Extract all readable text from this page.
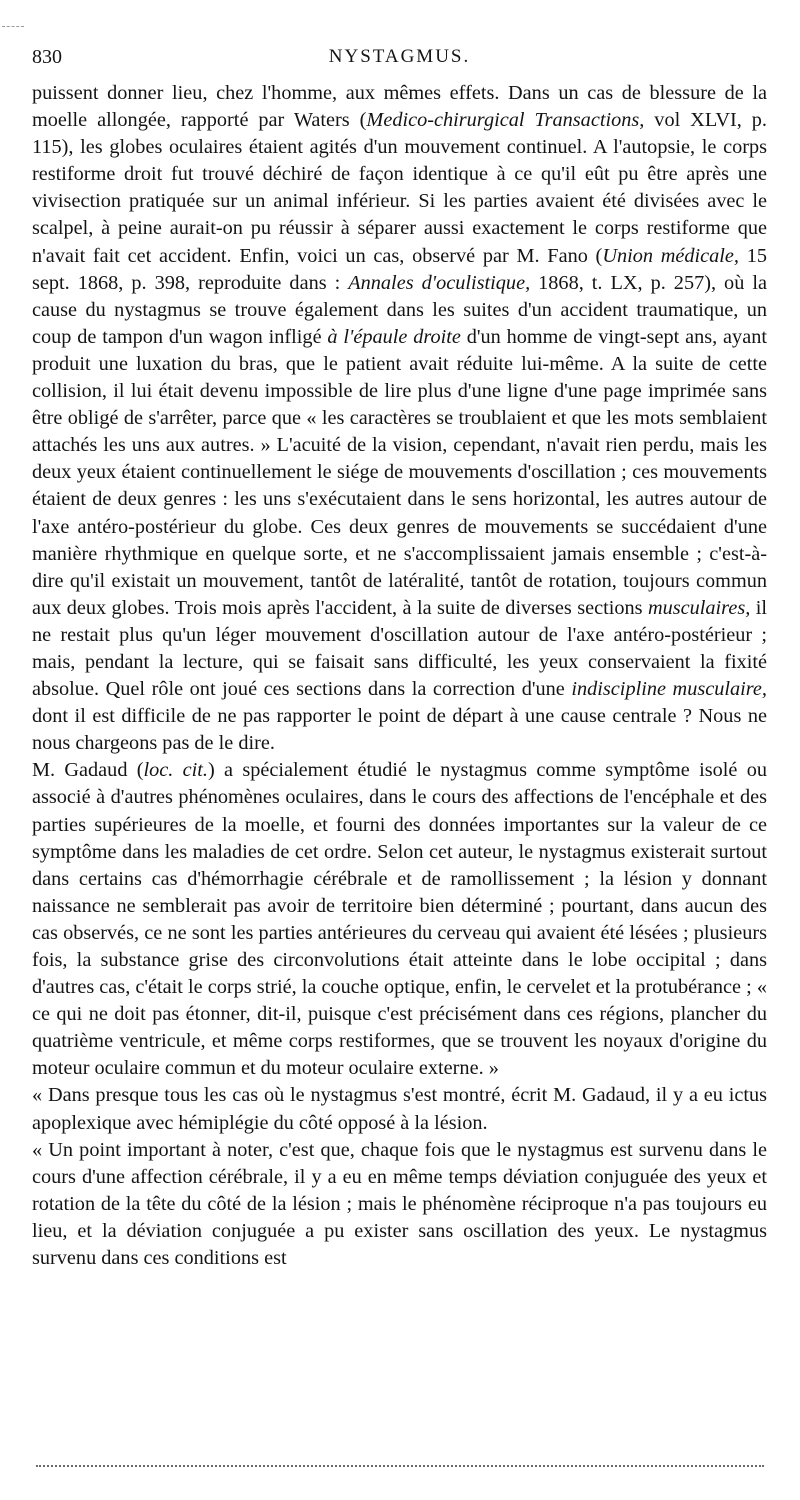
830	NYSTAGMUS.

puissent donner lieu, chez l'homme, aux mêmes effets. Dans un cas de blessure de la moelle allongée, rapporté par Waters (Medico-chirurgical Transactions, vol XLVI, p. 115), les globes oculaires étaient agités d'un mouvement continuel. A l'autopsie, le corps restiforme droit fut trouvé déchiré de façon identique à ce qu'il eût pu être après une vivisection pratiquée sur un animal inférieur. Si les parties avaient été divisées avec le scalpel, à peine aurait-on pu réussir à séparer aussi exactement le corps restiforme que n'avait fait cet accident. Enfin, voici un cas, observé par M. Fano (Union médicale, 15 sept. 1868, p. 398, reproduite dans : Annales d'oculistique, 1868, t. LX, p. 257), où la cause du nystagmus se trouve également dans les suites d'un accident traumatique, un coup de tampon d'un wagon infligé à l'épaule droite d'un homme de vingt-sept ans, ayant produit une luxation du bras, que le patient avait réduite lui-même. A la suite de cette collision, il lui était devenu impossible de lire plus d'une ligne d'une page imprimée sans être obligé de s'arrêter, parce que « les caractères se troublaient et que les mots semblaient attachés les uns aux autres. » L'acuité de la vision, cependant, n'avait rien perdu, mais les deux yeux étaient continuellement le siége de mouvements d'oscillation ; ces mouvements étaient de deux genres : les uns s'exécutaient dans le sens horizontal, les autres autour de l'axe antéro-postérieur du globe. Ces deux genres de mouvements se succédaient d'une manière rhythmique en quelque sorte, et ne s'accomplissaient jamais ensemble ; c'est-à-dire qu'il existait un mouvement, tantôt de latéralité, tantôt de rotation, toujours commun aux deux globes. Trois mois après l'accident, à la suite de diverses sections musculaires, il ne restait plus qu'un léger mouvement d'oscillation autour de l'axe antéro-postérieur ; mais, pendant la lecture, qui se faisait sans difficulté, les yeux conservaient la fixité absolue. Quel rôle ont joué ces sections dans la correction d'une indiscipline musculaire, dont il est difficile de ne pas rapporter le point de départ à une cause centrale ? Nous ne nous chargeons pas de le dire.

M. Gadaud (loc. cit.) a spécialement étudié le nystagmus comme symptôme isolé ou associé à d'autres phénomènes oculaires, dans le cours des affections de l'encéphale et des parties supérieures de la moelle, et fourni des données importantes sur la valeur de ce symptôme dans les maladies de cet ordre. Selon cet auteur, le nystagmus existerait surtout dans certains cas d'hémorrhagie cérébrale et de ramollissement ; la lésion y donnant naissance ne semblerait pas avoir de territoire bien déterminé ; pourtant, dans aucun des cas observés, ce ne sont les parties antérieures du cerveau qui avaient été lésées ; plusieurs fois, la substance grise des circonvolutions était atteinte dans le lobe occipital ; dans d'autres cas, c'était le corps strié, la couche optique, enfin, le cervelet et la protubérance ; « ce qui ne doit pas étonner, dit-il, puisque c'est précisément dans ces régions, plancher du quatrième ventricule, et même corps restiformes, que se trouvent les noyaux d'origine du moteur oculaire commun et du moteur oculaire externe. »

« Dans presque tous les cas où le nystagmus s'est montré, écrit M. Gadaud, il y a eu ictus apoplexique avec hémiplégie du côté opposé à la lésion.

« Un point important à noter, c'est que, chaque fois que le nystagmus est survenu dans le cours d'une affection cérébrale, il y a eu en même temps déviation conjuguée des yeux et rotation de la tête du côté de la lésion ; mais le phénomène réciproque n'a pas toujours eu lieu, et la déviation conjuguée a pu exister sans oscillation des yeux. Le nystagmus survenu dans ces conditions est
